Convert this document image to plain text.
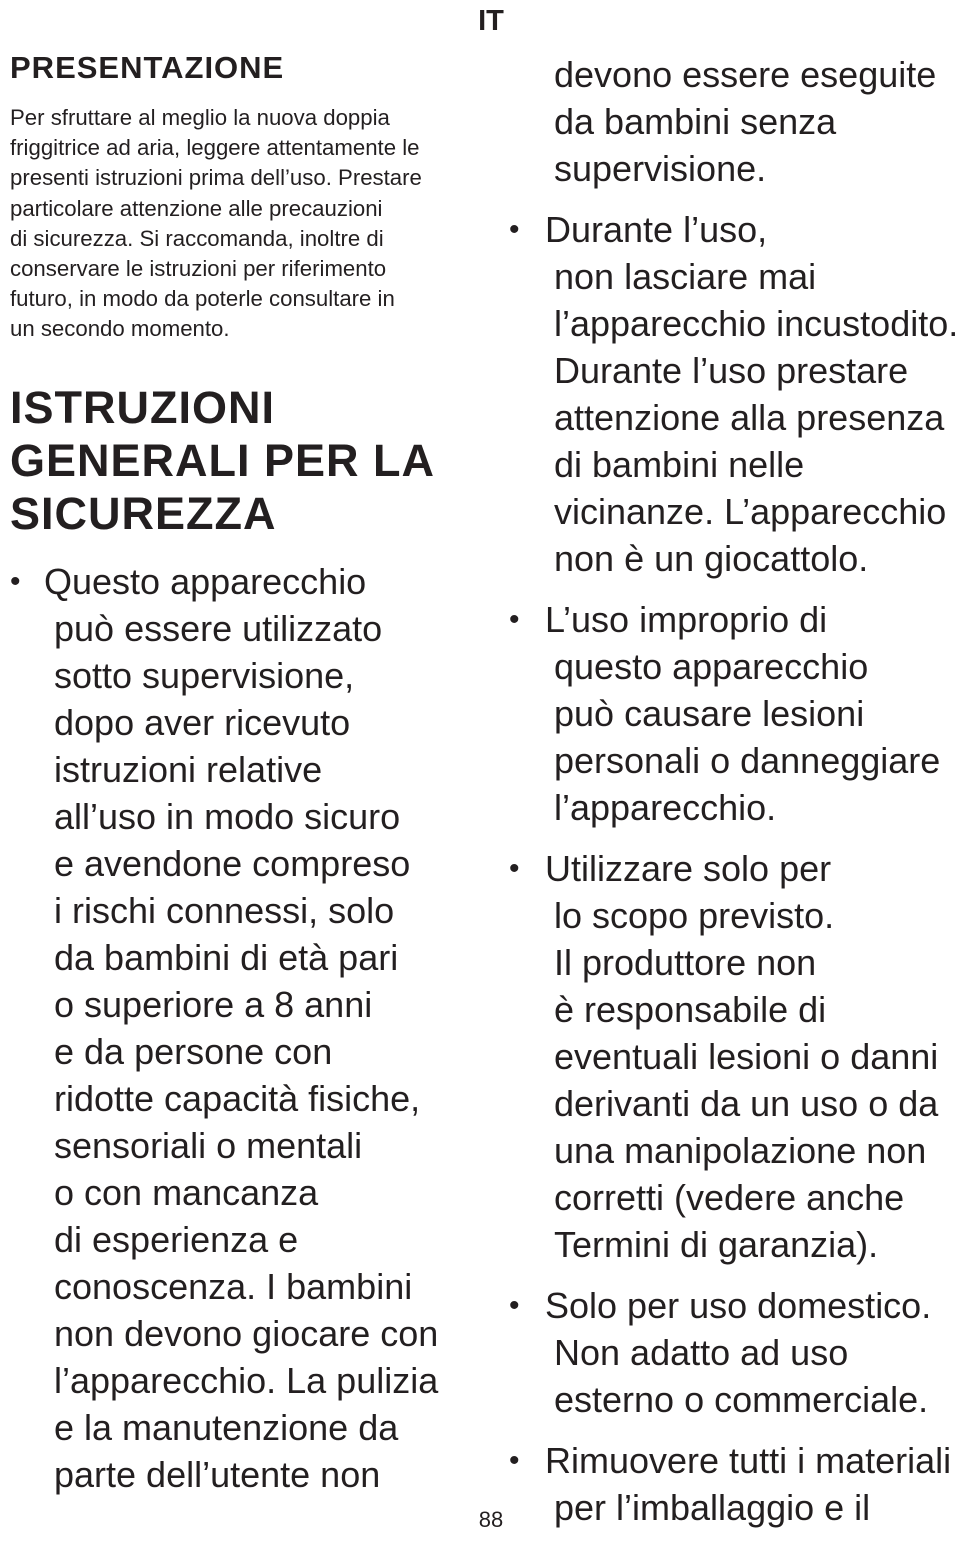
IT
PRESENTAZIONE

Per sfruttare al meglio la nuova doppia
friggitrice ad aria, leggere attentamente le
presenti istruzioni prima dell’uso. Prestare
particolare attenzione alle precauzioni
di sicurezza. Si raccomanda, inoltre di
conservare le istruzioni per riferimento
futuro, in modo da poterle consultare in
un secondo momento.

ISTRUZIONI
GENERALI PER LA
SICUREZZA
• Questo apparecchio
può essere utilizzato
sotto supervisione,
dopo aver ricevuto
istruzioni relative
all’uso in modo sicuro
e avendone compreso
i rischi connessi, solo
da bambini di età pari
o superiore a 8 anni
e da persone con
ridotte capacità fisiche,
sensoriali o mentali
o con mancanza
di esperienza e
conoscenza. I bambini
non devono giocare con
l’apparecchio. La pulizia
e la manutenzione da
parte dell’utente non

devono essere eseguite
da bambini senza
supervisione.

• Durante l’uso,
non lasciare mai
l’apparecchio incustodito.
Durante l’uso prestare
attenzione alla presenza
di bambini nelle
vicinanze. L’apparecchio
non è un giocattolo.
• L’uso improprio di
questo apparecchio
può causare lesioni
personali o danneggiare
l’apparecchio.
• Utilizzare solo per
lo scopo previsto.
Il produttore non
è responsabile di
eventuali lesioni o danni
derivanti da un uso o da
una manipolazione non
corretti (vedere anche
Termini di garanzia).
• Solo per uso domestico.
Non adatto ad uso
esterno o commerciale.
• Rimuovere tutti i materiali
per l’imballaggio e il
88
